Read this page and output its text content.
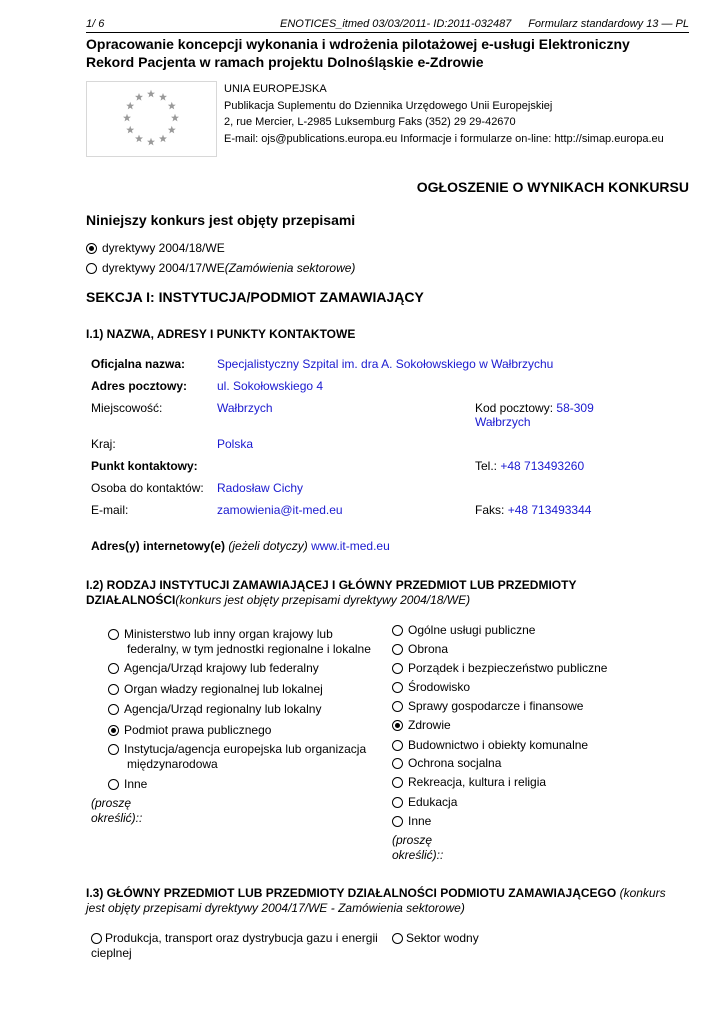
1/ 6	ENOTICES_itmed 03/03/2011- ID:2011-032487 Formularz standardowy 13 — PL
Opracowanie koncepcji wykonania i wdrożenia pilotażowej e-usługi Elektroniczny
Rekord Pacjenta w ramach projektu Dolnośląskie e-Zdrowie
UNIA EUROPEJSKA
Publikacja Suplementu do Dziennika Urzędowego Unii Europejskiej
2, rue Mercier, L-2985 Luksemburg Faks (352) 29 29-42670
E-mail: ojs@publications.europa.eu Informacje i formularze on-line: http://simap.europa.eu
OGŁOSZENIE O WYNIKACH KONKURSU
Niniejszy konkurs jest objęty przepisami
dyrektywy 2004/18/WE
dyrektywy 2004/17/WE(Zamówienia sektorowe)
SEKCJA I: INSTYTUCJA/PODMIOT ZAMAWIAJĄCY
I.1) NAZWA, ADRESY I PUNKTY KONTAKTOWE
Oficjalna nazwa:	Specjalistyczny Szpital im. dra A. Sokołowskiego w Wałbrzychu
Adres pocztowy: ul. Sokołowskiego 4
Miejscowość:	Wałbrzych	Kod pocztowy: 58-309
Wałbrzych
Kraj:	Polska
Punkt kontaktowy:	Tel.: +48 713493260
Osoba do kontaktów: Radosław Cichy
E-mail:	zamowienia@it-med.eu	Faks: +48 713493344
Adres(y) internetowy(e) (jeżeli dotyczy) www.it-med.eu
I.2) RODZAJ INSTYTUCJI ZAMAWIAJĄCEJ I GŁÓWNY PRZEDMIOT LUB PRZEDMIOTY
DZIAŁALNOŚCI(konkurs jest objęty przepisami dyrektywy 2004/18/WE)
Ministerstwo lub inny organ krajowy lub
federalny, w tym jednostki regionalne i lokalne
Agencja/Urząd krajowy lub federalny
Organ władzy regionalnej lub lokalnej
Agencja/Urząd regionalny lub lokalny
Podmiot prawa publicznego
Instytucja/agencja europejska lub organizacja
międzynarodowa
Inne
(proszę
określić)::
Ogólne usługi publiczne
Obrona
Porządek i bezpieczeństwo publiczne
Środowisko
Sprawy gospodarcze i finansowe
Zdrowie
Budownictwo i obiekty komunalne
Ochrona socjalna
Rekreacja, kultura i religia
Edukacja
Inne
(proszę
określić)::
I.3) GŁÓWNY PRZEDMIOT LUB PRZEDMIOTY DZIAŁALNOŚCI PODMIOTU ZAMAWIAJĄCEGO (konkurs
jest objęty przepisami dyrektywy 2004/17/WE - Zamówienia sektorowe)
Produkcja, transport oraz dystrybucja gazu i energii
cieplnej
Sektor wodny
